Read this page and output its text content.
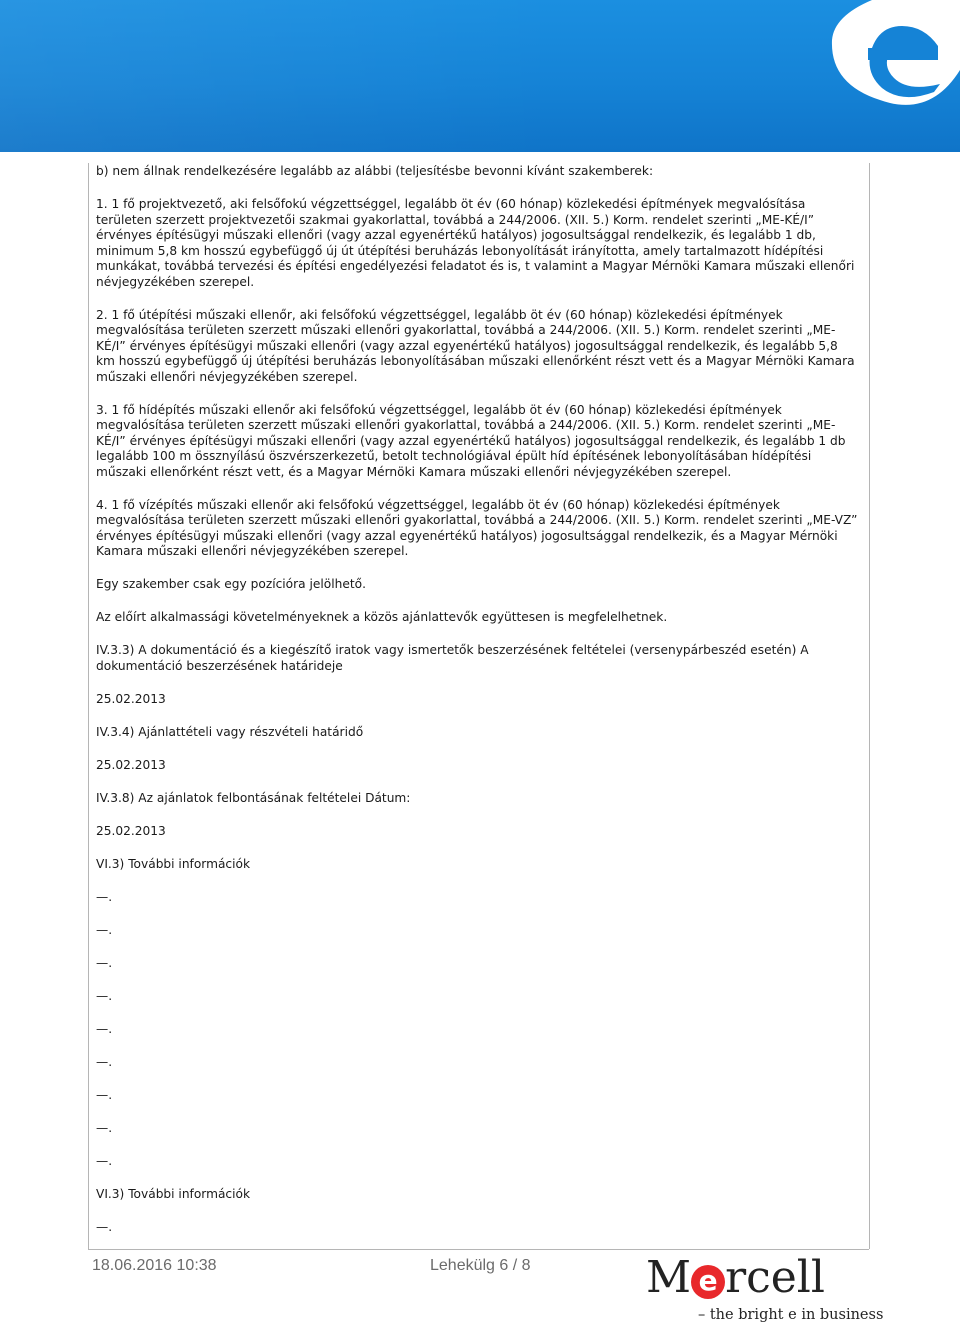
b) nem állnak rendelkezésére legalább az alábbi (teljesítésbe bevonni kívánt szakemberek:

1. 1 fő projektvezető, aki felsőfokú végzettséggel, legalább öt év (60 hónap) közlekedési építmények megvalósítása területen szerzett projektvezetői szakmai gyakorlattal, továbbá a 244/2006. (XII. 5.) Korm. rendelet szerinti „ME-KÉ/I” érvényes építésügyi műszaki ellenőri (vagy azzal egyenértékű hatályos) jogosultsággal rendelkezik, és legalább 1 db, minimum 5,8 km hosszú egybefüggő új út útépítési beruházás lebonyolítását irányította, amely tartalmazott hídépítési munkákat, továbbá tervezési és építési engedélyezési feladatot és is, t valamint a Magyar Mérnöki Kamara műszaki ellenőri névjegyzékében szerepel.

2. 1 fő útépítési műszaki ellenőr, aki felsőfokú végzettséggel, legalább öt év (60 hónap) közlekedési építmények megvalósítása területen szerzett műszaki ellenőri gyakorlattal, továbbá a 244/2006. (XII. 5.) Korm. rendelet szerinti „ME-KÉ/I” érvényes építésügyi műszaki ellenőri (vagy azzal egyenértékű hatályos) jogosultsággal rendelkezik, és legalább 5,8 km hosszú egybefüggő új útépítési beruházás lebonyolításában műszaki ellenőrként részt vett és a Magyar Mérnöki Kamara műszaki ellenőri névjegyzékében szerepel.

3. 1 fő hídépítés műszaki ellenőr aki felsőfokú végzettséggel, legalább öt év (60 hónap) közlekedési építmények megvalósítása területen szerzett műszaki ellenőri gyakorlattal, továbbá a 244/2006. (XII. 5.) Korm. rendelet szerinti „ME-KÉ/I” érvényes építésügyi műszaki ellenőri (vagy azzal egyenértékű hatályos) jogosultsággal rendelkezik, és legalább 1 db legalább 100 m össznyílású öszvérszerkezetű, betolt technológiával épült híd építésének lebonyolításában hídépítési műszaki ellenőrként részt vett, és a Magyar Mérnöki Kamara műszaki ellenőri névjegyzékében szerepel.

4. 1 fő vízépítés műszaki ellenőr aki felsőfokú végzettséggel, legalább öt év (60 hónap) közlekedési építmények megvalósítása területen szerzett műszaki ellenőri gyakorlattal, továbbá a 244/2006. (XII. 5.) Korm. rendelet szerinti „ME-VZ” érvényes építésügyi műszaki ellenőri (vagy azzal egyenértékű hatályos) jogosultsággal rendelkezik, és a Magyar Mérnöki Kamara műszaki ellenőri névjegyzékében szerepel.

Egy szakember csak egy pozícióra jelölhető.

Az előírt alkalmassági követelményeknek a közös ajánlattevők együttesen is megfelelhetnek.

IV.3.3) A dokumentáció és a kiegészítő iratok vagy ismertetők beszerzésének feltételei (versenypárbeszéd esetén) A dokumentáció beszerzésének határideje

25.02.2013

IV.3.4) Ajánlattételi vagy részvételi határidő

25.02.2013

IV.3.8) Az ajánlatok felbontásának feltételei Dátum:

25.02.2013

VI.3) További információk

—.

—.

—.

—.

—.

—.

—.

—.

—.

VI.3) További információk

—.

18.06.2016 10:38	Lehekülg 6 / 8	M e rcell
– the bright e in business
